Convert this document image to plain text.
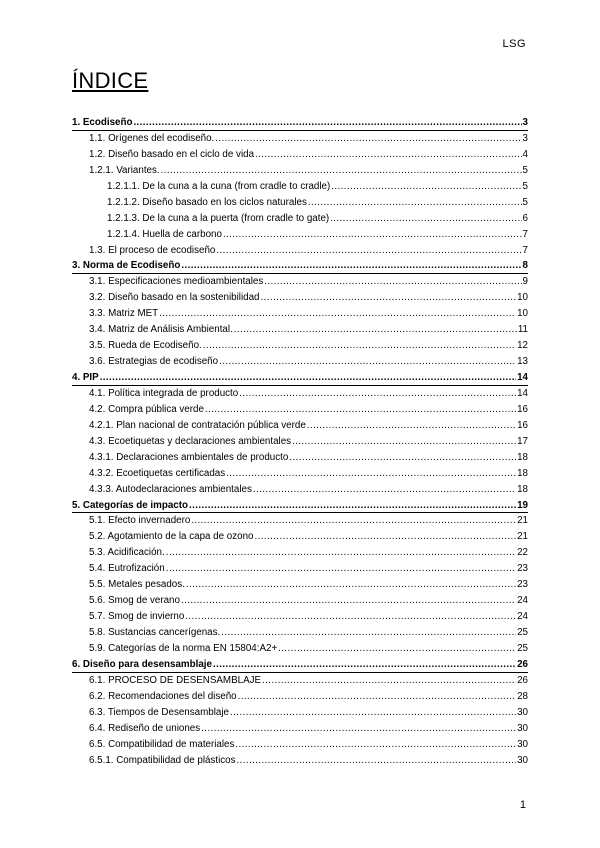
LSG
ÍNDICE
1. Ecodiseño .....	3
1.1. Orígenes del ecodiseño. .....	3
1.2. Diseño basado en el ciclo de vida .....	4
1.2.1. Variantes. .....	5
1.2.1.1. De la cuna a la cuna (from cradle to cradle) .....	5
1.2.1.2. Diseño basado en los ciclos naturales .....	5
1.2.1.3. De la cuna a la puerta (from cradle to gate) .....	6
1.2.1.4. Huella de carbono .....	7
1.3. El proceso de ecodiseño .....	7
3. Norma de Ecodiseño .....	8
3.1. Especificaciones medioambientales .....	9
3.2. Diseño basado en la sostenibilidad .....	10
3.3. Matriz MET .....	10
3.4. Matriz de Análisis Ambiental. .....	11
3.5. Rueda de Ecodiseño. .....	12
3.6. Estrategias de ecodiseño .....	13
4. PIP .....	14
4.1. Política integrada de producto .....	14
4.2. Compra pública verde .....	16
4.2.1. Plan nacional de contratación pública verde .....	16
4.3. Ecoetiquetas y declaraciones ambientales .....	17
4.3.1. Declaraciones ambientales de producto .....	18
4.3.2. Ecoetiquetas certificadas .....	18
4.3.3. Autodeclaraciones ambientales .....	18
5. Categorías de impacto .....	19
5.1. Efecto invernadero .....	21
5.2. Agotamiento de la capa de ozono .....	21
5.3. Acidificación. .....	22
5.4. Eutrofización .....	23
5.5. Metales pesados. .....	23
5.6. Smog de verano .....	24
5.7. Smog de invierno .....	24
5.8. Sustancias cancerígenas. .....	25
5.9. Categorías de la norma EN 15804:A2+ .....	25
6. Diseño para desensamblaje .....	26
6.1. PROCESO DE DESENSAMBLAJE .....	26
6.2. Recomendaciones del diseño .....	28
6.3. Tiempos de Desensamblaje .....	30
6.4. Rediseño de uniones .....	30
6.5. Compatibilidad de materiales .....	30
6.5.1. Compatibilidad de plásticos .....	30
1
